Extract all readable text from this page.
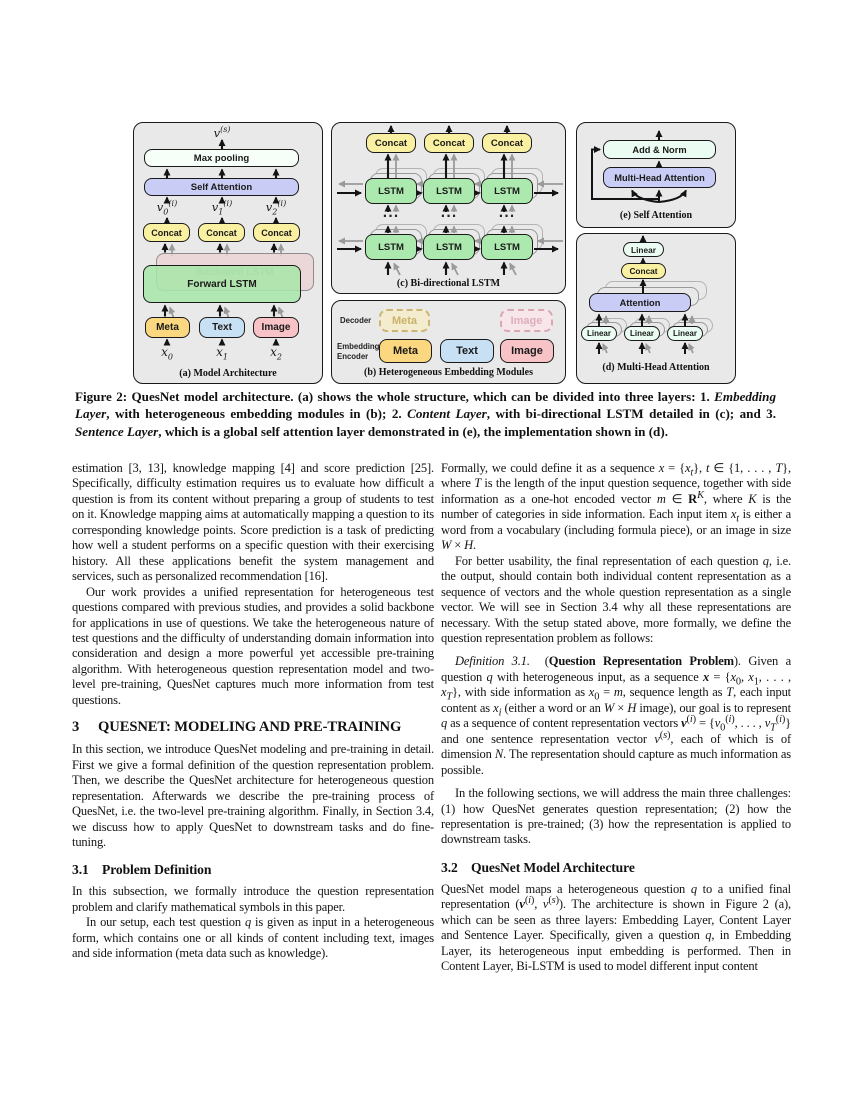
$v^{(s)}$
Max pooling
Self Attention
$v_0^{(i)}$	$v_1^{(i)}$	$v_2^{(i)}$
Concat	Concat	Concat
Forward LSTM
Meta	Text	Image
$x_0$	$x_1$	$x_2$
(a) Model Architecture
Concat	Concat	Concat
LSTM	LSTM	LSTM
···	···	···
LSTM	LSTM	LSTM
(c) Bi-directional LSTM
Decoder
Embedding
Encoder
Meta	Image
Meta	Text	Image
(b) Heterogeneous Embedding Modules
Add & Norm
Multi-Head Attention
(e) Self Attention
Linear
Concat
Attention
Linear	Linear	Linear
(d) Multi-Head Attention
Figure 2: QuesNet model architecture. (a) shows the whole structure, which can be divided into three layers: 1. Embedding Layer, with heterogeneous embedding modules in (b); 2. Content Layer, with bi-directional LSTM detailed in (c); and 3. Sentence Layer, which is a global self attention layer demonstrated in (e), the implementation shown in (d).

estimation [3, 13], knowledge mapping [4] and score prediction [25]. Specifically, difficulty estimation requires us to evaluate how difficult a question is from its content without preparing a group of students to test on it. Knowledge mapping aims at automatically mapping a question to its corresponding knowledge points. Score prediction is a task of predicting how well a student performs on a specific question with their exercising history. All these applications benefit the system management and services, such as personalized recommendation [16].

Our work provides a unified representation for heterogeneous test questions compared with previous studies, and provides a solid backbone for applications in use of questions. We take the heterogeneous nature of test questions and the difficulty of understanding domain information into consideration and design a more powerful yet accessible pre-training algorithm. With heterogeneous question representation model and two-level pre-training, QuesNet captures much more information from test questions.

3 QUESNET: MODELING AND PRE-TRAINING

In this section, we introduce QuesNet modeling and pre-training in detail. First we give a formal definition of the question representation problem. Then, we describe the QuesNet architecture for heterogeneous question representation. Afterwards we describe the pre-training process of QuesNet, i.e. the two-level pre-training algorithm. Finally, in Section 3.4, we discuss how to apply QuesNet to downstream tasks and do fine-tuning.

3.1 Problem Definition

In this subsection, we formally introduce the question representation problem and clarify mathematical symbols in this paper.

In our setup, each test question q is given as input in a heterogeneous form, which contains one or all kinds of content including text, images and side information (meta data such as knowledge).

Formally, we could define it as a sequence $x = \{x_t\}$, t ∈ {1, . . . , T}, where T is the length of the input question sequence, together with side information as a one-hot encoded vector m ∈ $R^K$, where K is the number of categories in side information. Each input item $x_t$ is either a word from a vocabulary (including formula piece), or an image in size W × H.

For better usability, the final representation of each question q, i.e. the output, should contain both individual content representation as a sequence of vectors and the whole question representation as a single vector. We will see in Section 3.4 why all these representations are necessary. With the setup stated above, more formally, we define the question representation problem as follows:

Definition 3.1.  (Question Representation Problem). Given a question q with heterogeneous input, as a sequence $x = \{x_0$, $x_1$, . . . , $x_T$}, with side information as $x_0 = m$, sequence length as T, each input content as $x_i$ (either a word or an W × H image), our goal is to represent q as a sequence of content representation vectors $v^{(i)} = \{v_0^{(i)}$, . . . , $v_T^{(i)}$} and one sentence representation vector $v^{(s)}$, each of which is of dimension N. The representation should capture as much information as possible.

In the following sections, we will address the main three challenges: (1) how QuesNet generates question representation; (2) how the representation is pre-trained; (3) how the representation is applied to downstream tasks.

3.2 QuesNet Model Architecture

QuesNet model maps a heterogeneous question q to a unified final representation ($v^{(i)}$, $v^{(s)}$). The architecture is shown in Figure 2 (a), which can be seen as three layers: Embedding Layer, Content Layer and Sentence Layer. Specifically, given a question q, in Embedding Layer, its heterogeneous input embedding is performed. Then in Content Layer, Bi-LSTM is used to model different input content
